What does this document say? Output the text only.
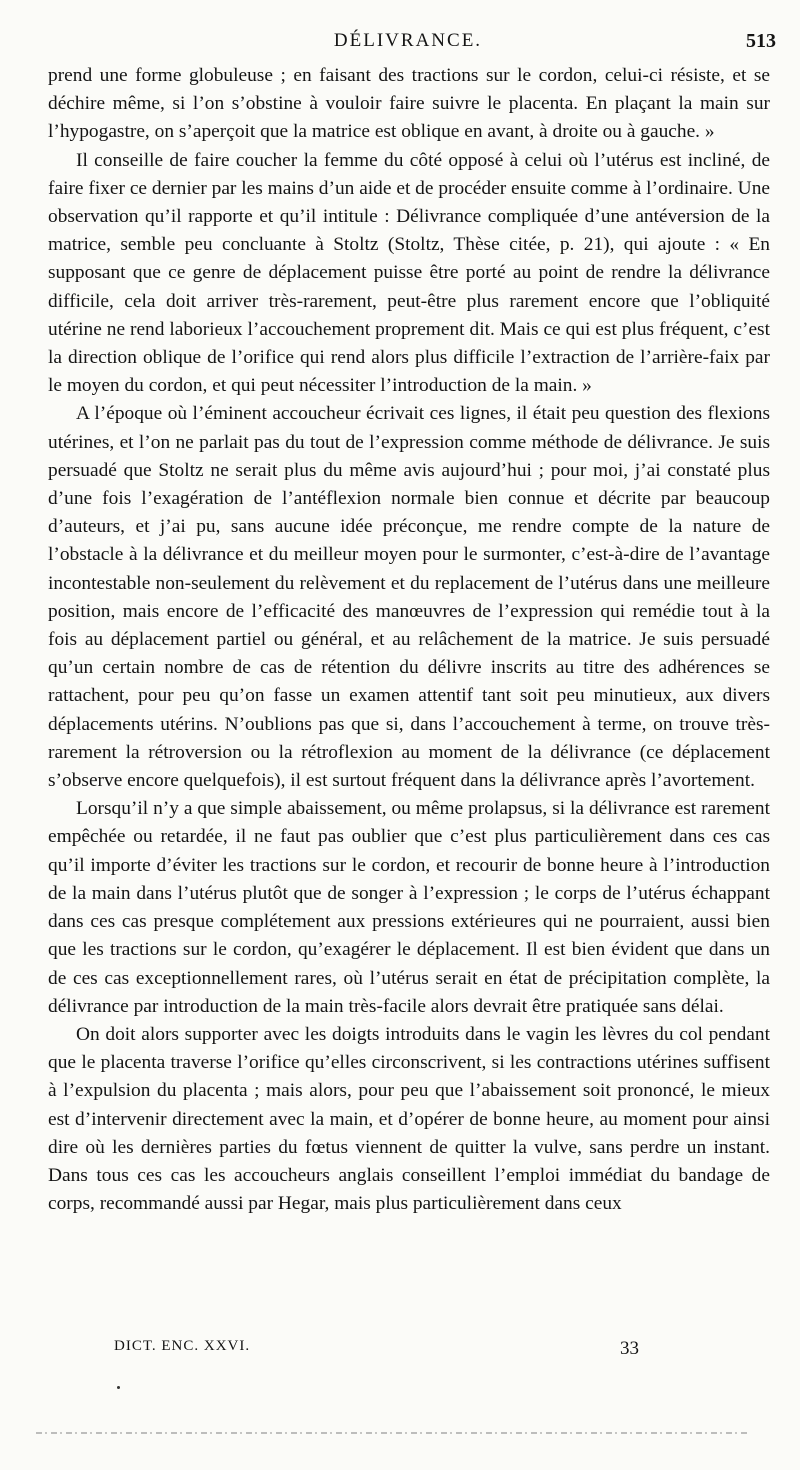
DÉLIVRANCE.	513

prend une forme globuleuse ; en faisant des tractions sur le cordon, celui-ci résiste, et se déchire même, si l’on s’obstine à vouloir faire suivre le placenta. En plaçant la main sur l’hypogastre, on s’aperçoit que la matrice est oblique en avant, à droite ou à gauche. »

Il conseille de faire coucher la femme du côté opposé à celui où l’utérus est incliné, de faire fixer ce dernier par les mains d’un aide et de procéder ensuite comme à l’ordinaire. Une observation qu’il rapporte et qu’il intitule : Délivrance compliquée d’une antéversion de la matrice, semble peu concluante à Stoltz (Stoltz, Thèse citée, p. 21), qui ajoute : « En supposant que ce genre de déplacement puisse être porté au point de rendre la délivrance difficile, cela doit arriver très-rarement, peut-être plus rarement encore que l’obliquité utérine ne rend laborieux l’accouchement proprement dit. Mais ce qui est plus fréquent, c’est la direction oblique de l’orifice qui rend alors plus difficile l’extraction de l’arrière-faix par le moyen du cordon, et qui peut nécessiter l’introduction de la main. »

A l’époque où l’éminent accoucheur écrivait ces lignes, il était peu question des flexions utérines, et l’on ne parlait pas du tout de l’expression comme méthode de délivrance. Je suis persuadé que Stoltz ne serait plus du même avis aujourd’hui ; pour moi, j’ai constaté plus d’une fois l’exagération de l’antéflexion normale bien connue et décrite par beaucoup d’auteurs, et j’ai pu, sans aucune idée préconçue, me rendre compte de la nature de l’obstacle à la délivrance et du meilleur moyen pour le surmonter, c’est-à-dire de l’avantage incontestable non-seulement du relèvement et du replacement de l’utérus dans une meilleure position, mais encore de l’efficacité des manœuvres de l’expression qui remédie tout à la fois au déplacement partiel ou général, et au relâchement de la matrice. Je suis persuadé qu’un certain nombre de cas de rétention du délivre inscrits au titre des adhérences se rattachent, pour peu qu’on fasse un examen attentif tant soit peu minutieux, aux divers déplacements utérins. N’oublions pas que si, dans l’accouchement à terme, on trouve très-rarement la rétroversion ou la rétroflexion au moment de la délivrance (ce déplacement s’observe encore quelquefois), il est surtout fréquent dans la délivrance après l’avortement.

Lorsqu’il n’y a que simple abaissement, ou même prolapsus, si la délivrance est rarement empêchée ou retardée, il ne faut pas oublier que c’est plus particulièrement dans ces cas qu’il importe d’éviter les tractions sur le cordon, et recourir de bonne heure à l’introduction de la main dans l’utérus plutôt que de songer à l’expression ; le corps de l’utérus échappant dans ces cas presque complétement aux pressions extérieures qui ne pourraient, aussi bien que les tractions sur le cordon, qu’exagérer le déplacement. Il est bien évident que dans un de ces cas exceptionnellement rares, où l’utérus serait en état de précipitation complète, la délivrance par introduction de la main très-facile alors devrait être pratiquée sans délai.

On doit alors supporter avec les doigts introduits dans le vagin les lèvres du col pendant que le placenta traverse l’orifice qu’elles circonscrivent, si les contractions utérines suffisent à l’expulsion du placenta ; mais alors, pour peu que l’abaissement soit prononcé, le mieux est d’intervenir directement avec la main, et d’opérer de bonne heure, au moment pour ainsi dire où les dernières parties du fœtus viennent de quitter la vulve, sans perdre un instant. Dans tous ces cas les accoucheurs anglais conseillent l’emploi immédiat du bandage de corps, recommandé aussi par Hegar, mais plus particulièrement dans ceux

DICT. ENC. XXVI.	33
